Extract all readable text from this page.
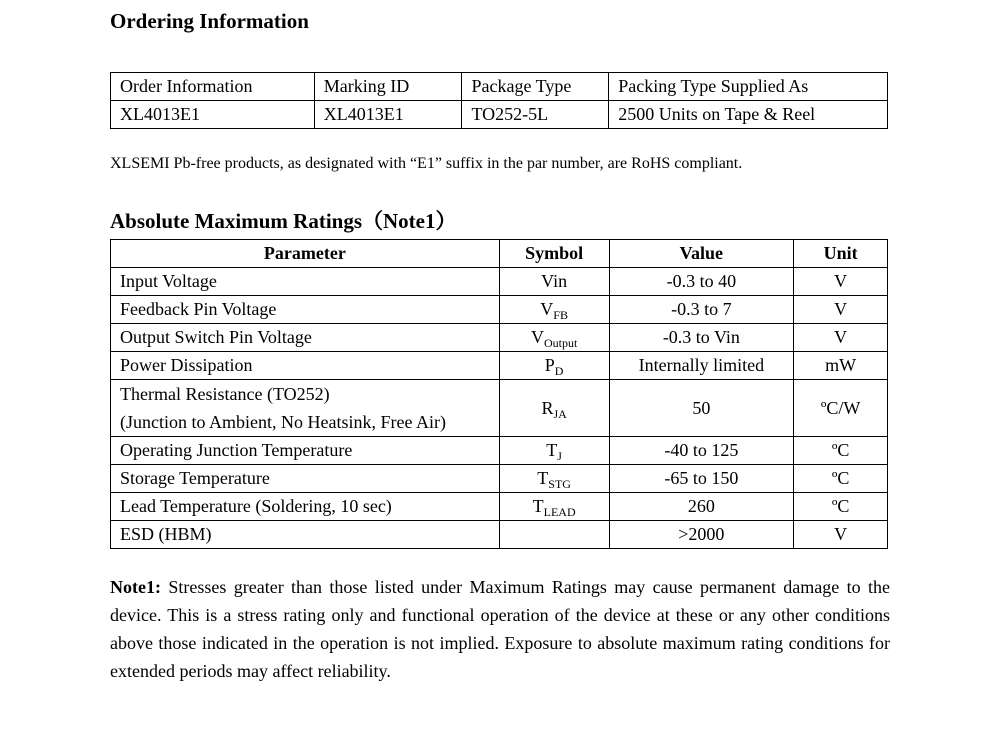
Ordering Information
Order Information	Marking ID	Package Type	Packing Type Supplied As
XL4013E1	XL4013E1	TO252-5L	2500 Units on Tape & Reel
XLSEMI Pb-free products, as designated with “E1” suffix in the par number, are RoHS compliant.
Absolute Maximum Ratings（Note1）
Parameter	Symbol	Value	Unit
Input Voltage	Vin	-0.3 to 40	V
Feedback Pin Voltage	$V_{FB}$	-0.3 to 7	V
Output Switch Pin Voltage	$V_{Output}$	-0.3 to Vin	V
Power Dissipation	$P_D$	Internally limited	mW

Thermal Resistance (TO252)
(Junction to Ambient, No Heatsink, Free Air)	$R_{JA}$	50	ºC/W
Operating Junction Temperature	$T_J$	-40 to 125	ºC
Storage Temperature	$T_{STG}$	-65 to 150	ºC
Lead Temperature (Soldering, 10 sec)	$T_{LEAD}$	260	ºC
ESD (HBM)		>2000	V
Note1: Stresses greater than those listed under Maximum Ratings may cause permanent damage to the device. This is a stress rating only and functional operation of the device at these or any other conditions above those indicated in the operation is not implied. Exposure to absolute maximum rating conditions for extended periods may affect reliability.
